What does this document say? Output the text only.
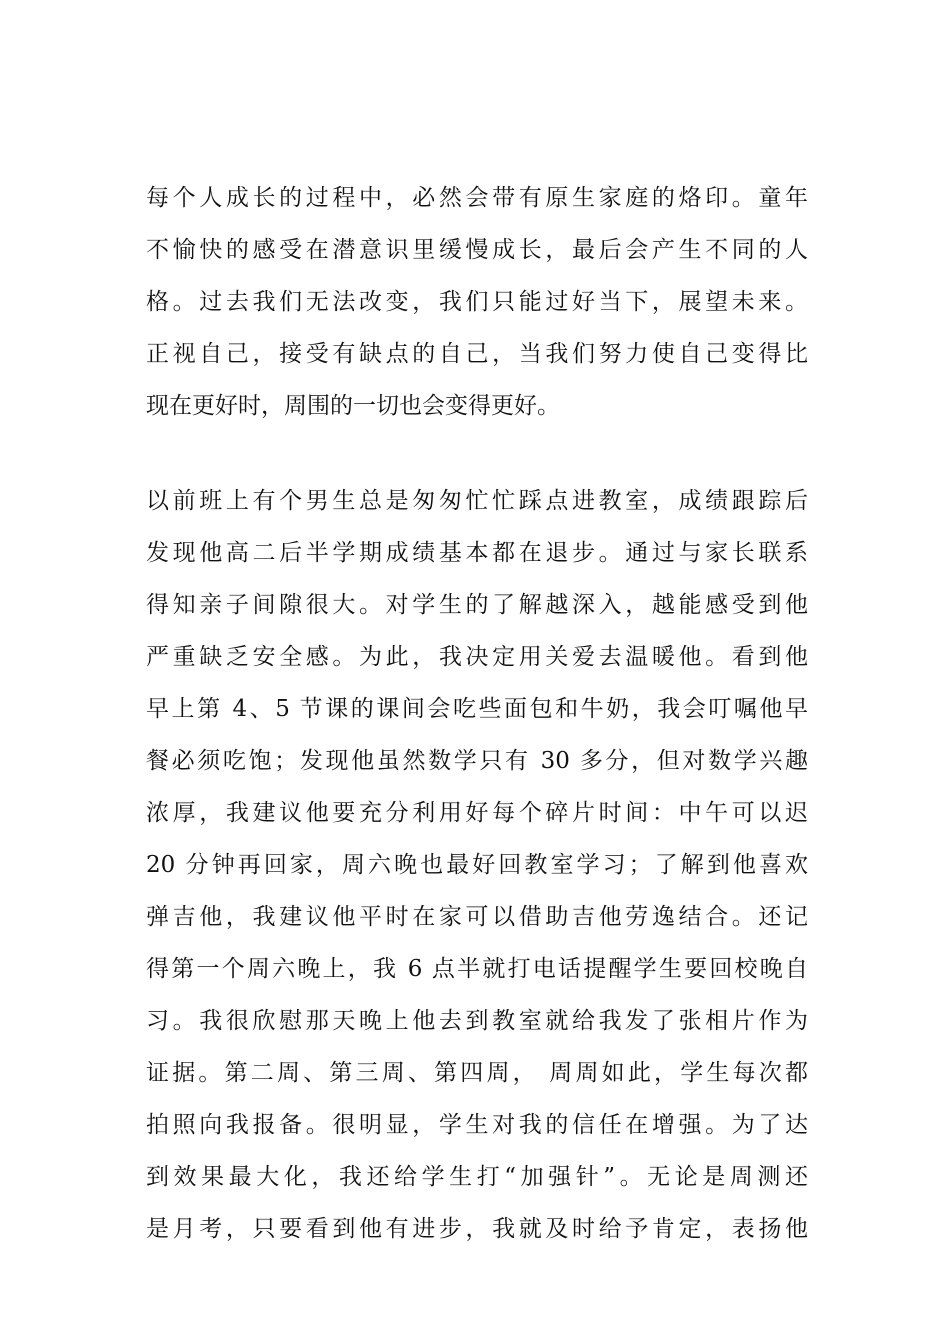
每个人成长的过程中，必然会带有原生家庭的烙印。童年
不愉快的感受在潜意识里缓慢成长，最后会产生不同的人
格。过去我们无法改变，我们只能过好当下，展望未来。
正视自己，接受有缺点的自己，当我们努力使自己变得比
现在更好时，周围的一切也会变得更好。
以前班上有个男生总是匆匆忙忙踩点进教室，成绩跟踪后
发现他高二后半学期成绩基本都在退步。通过与家长联系
得知亲子间隙很大。对学生的了解越深入，越能感受到他
严重缺乏安全感。为此，我决定用关爱去温暖他。看到他
早上第 4、5 节课的课间会吃些面包和牛奶，我会叮嘱他早
餐必须吃饱；发现他虽然数学只有 30 多分，但对数学兴趣
浓厚，我建议他要充分利用好每个碎片时间：中午可以迟
20 分钟再回家，周六晚也最好回教室学习；了解到他喜欢
弹吉他，我建议他平时在家可以借助吉他劳逸结合。还记
得第一个周六晚上，我 6 点半就打电话提醒学生要回校晚自
习。我很欣慰那天晚上他去到教室就给我发了张相片作为
证据。第二周、第三周、第四周， 周周如此，学生每次都
拍照向我报备。很明显，学生对我的信任在增强。为了达
到效果最大化，我还给学生打“加强针”。无论是周测还
是月考，只要看到他有进步，我就及时给予肯定，表扬他
